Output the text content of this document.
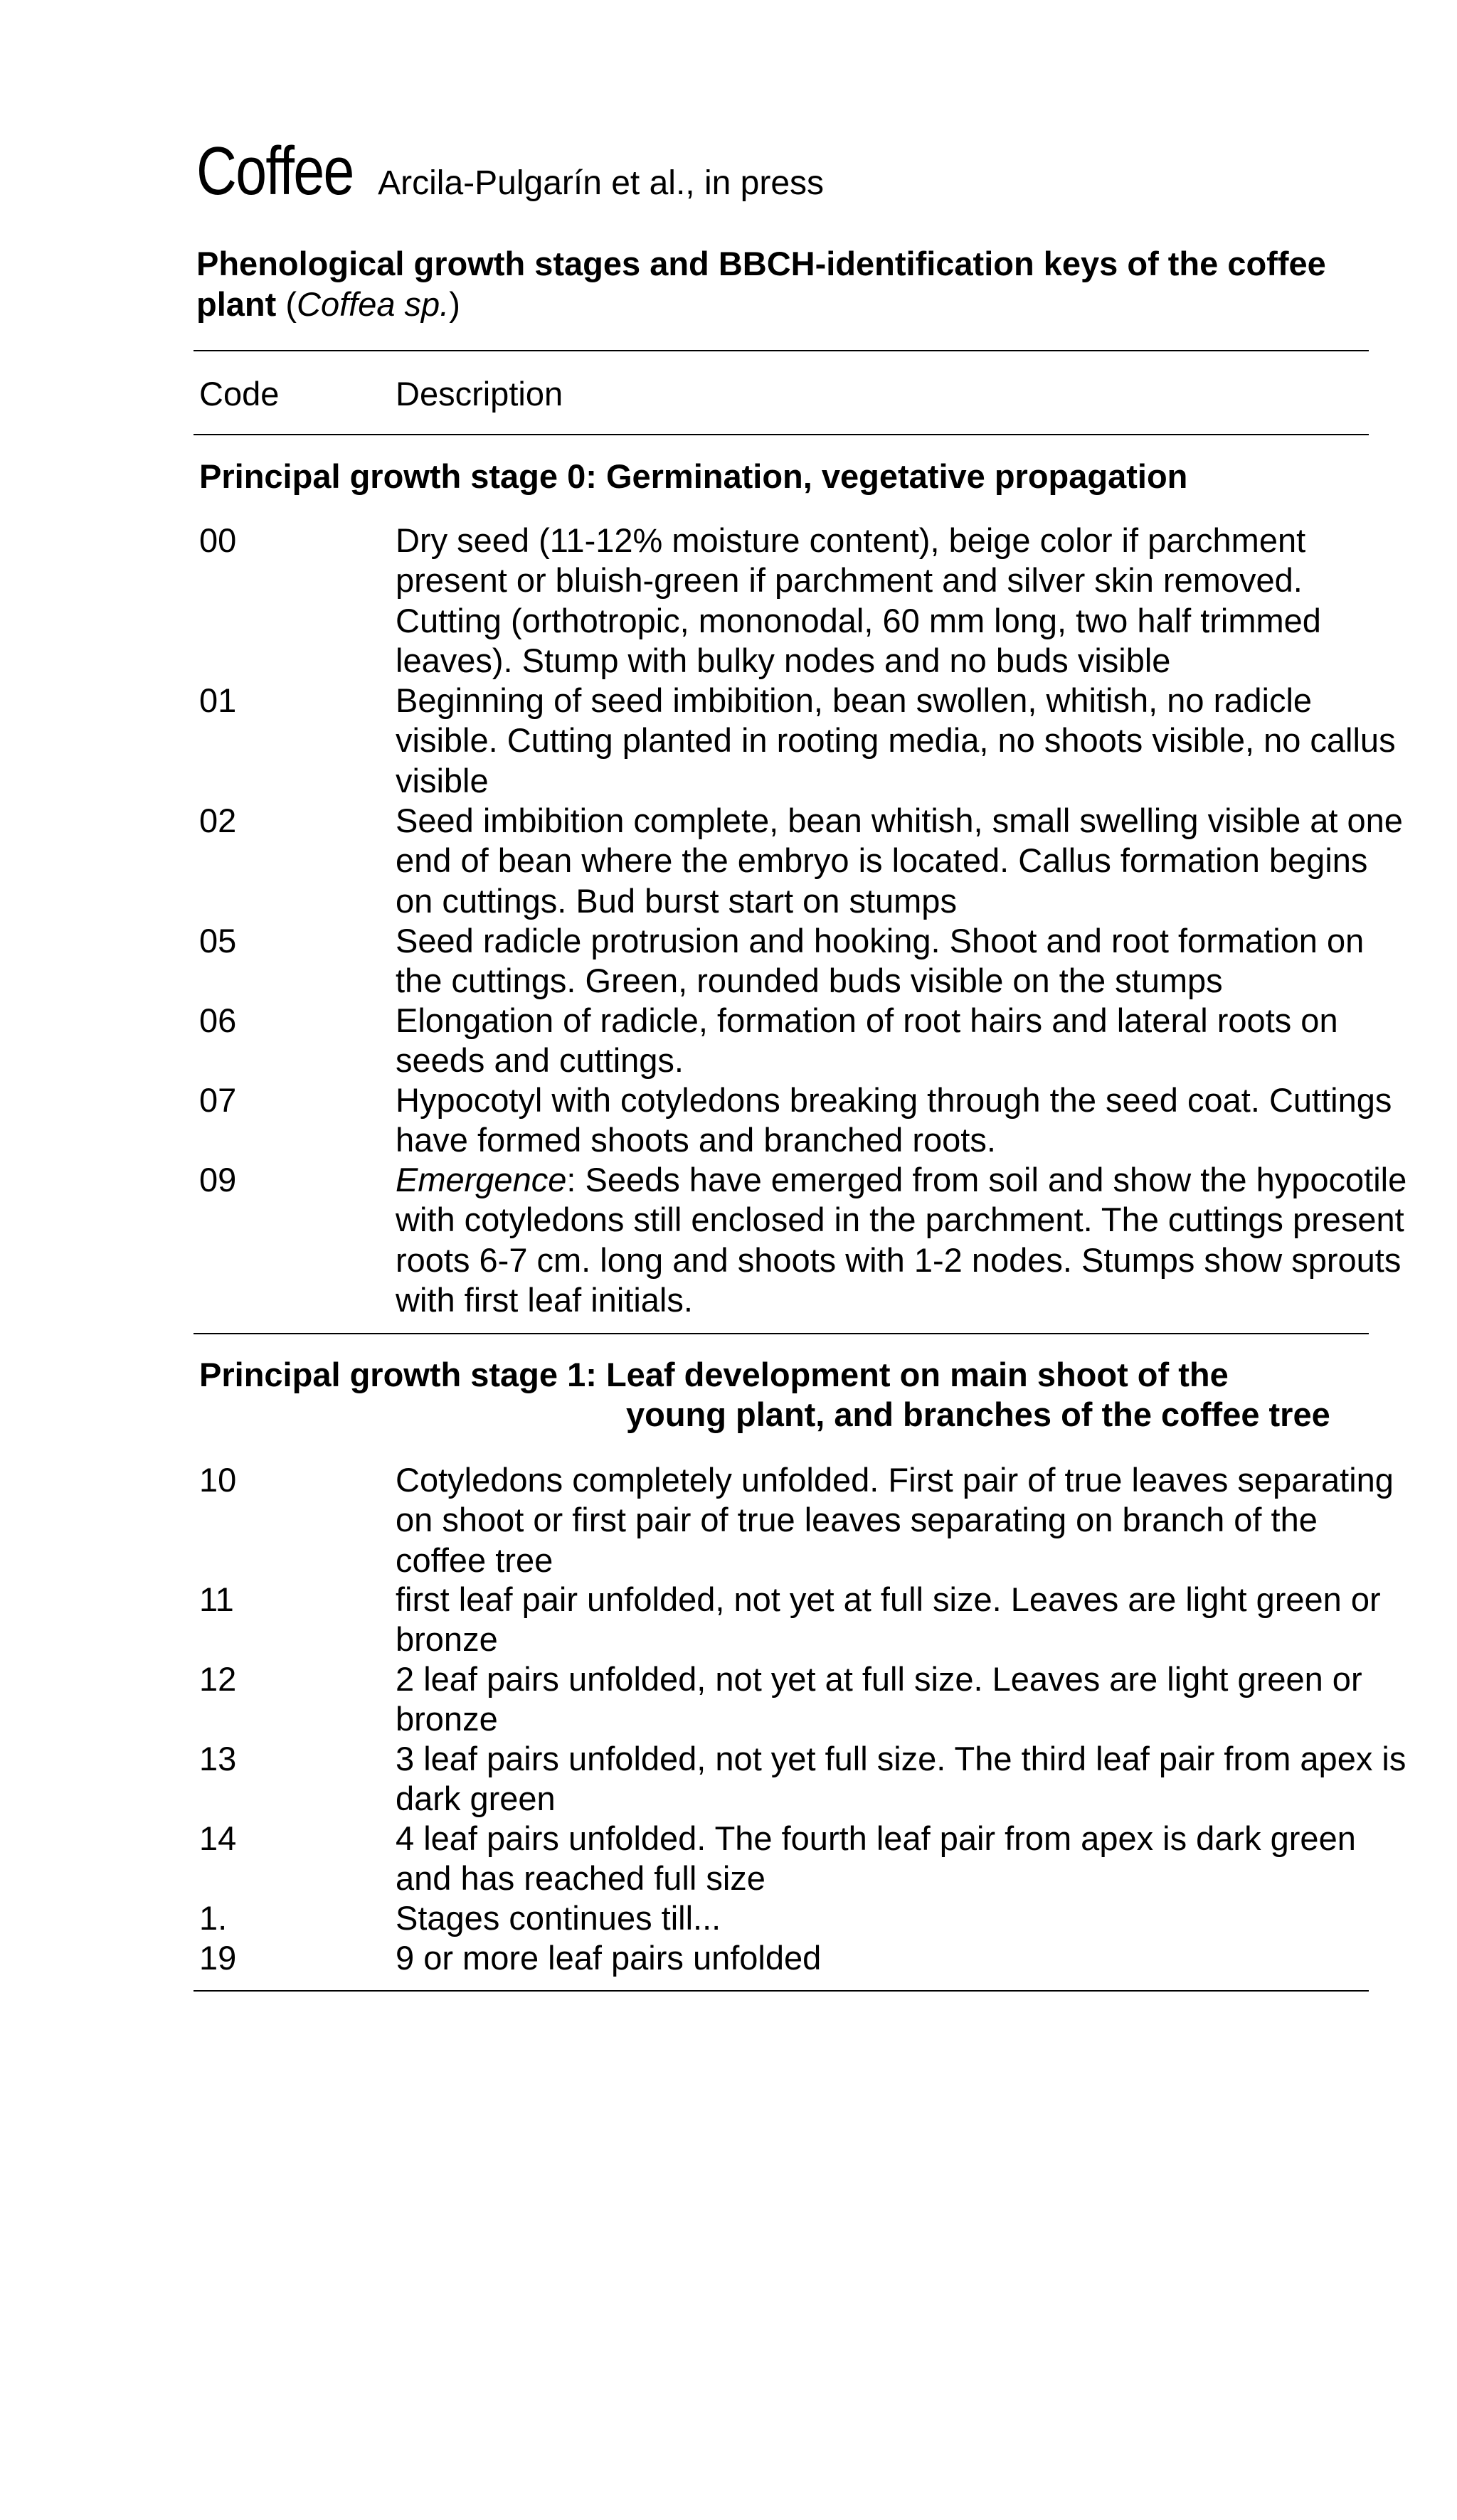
Coffee Arcila-Pulgarín et al., in press
Phenological growth stages and BBCH-identification keys of the coffee plant (Coffea sp.)
Code	Description
Principal growth stage 0: Germination, vegetative propagation
00	Dry seed (11-12% moisture content), beige color if parchment present or bluish-green if parchment and silver skin removed. Cutting (orthotropic, mononodal, 60 mm long, two half trimmed leaves). Stump with bulky nodes and no buds visible
01	Beginning of seed imbibition, bean swollen, whitish, no radicle visible. Cutting planted in rooting media, no shoots visible, no callus visible
02	Seed imbibition complete, bean whitish, small swelling visible at one end of bean where the embryo is located. Callus formation begins on cuttings. Bud burst start on stumps
05	Seed radicle protrusion and hooking. Shoot and root formation on the cuttings. Green, rounded buds visible on the stumps
06	Elongation of radicle, formation of root hairs and lateral roots on seeds and cuttings.
07	Hypocotyl with cotyledons breaking through the seed coat. Cuttings have formed shoots and branched roots.
09	Emergence: Seeds have emerged from soil and show the hypocotile with cotyledons still enclosed in the parchment. The cuttings present roots 6-7 cm. long and shoots with 1-2 nodes. Stumps show sprouts with first leaf initials.
Principal growth stage 1: Leaf development on main shoot of the
young plant, and branches of the coffee tree
10	Cotyledons completely unfolded. First pair of true leaves separating on shoot or first pair of true leaves separating on branch of the coffee tree
11	first leaf pair unfolded, not yet at full size. Leaves are light green or bronze
12	2 leaf pairs unfolded, not yet at full size. Leaves are light green or bronze
13	3 leaf pairs unfolded, not yet full size. The third leaf pair from apex is dark green
14	4 leaf pairs unfolded. The fourth leaf pair from apex is dark green and has reached full size
1.	Stages continues till...
19	9 or more leaf pairs unfolded
